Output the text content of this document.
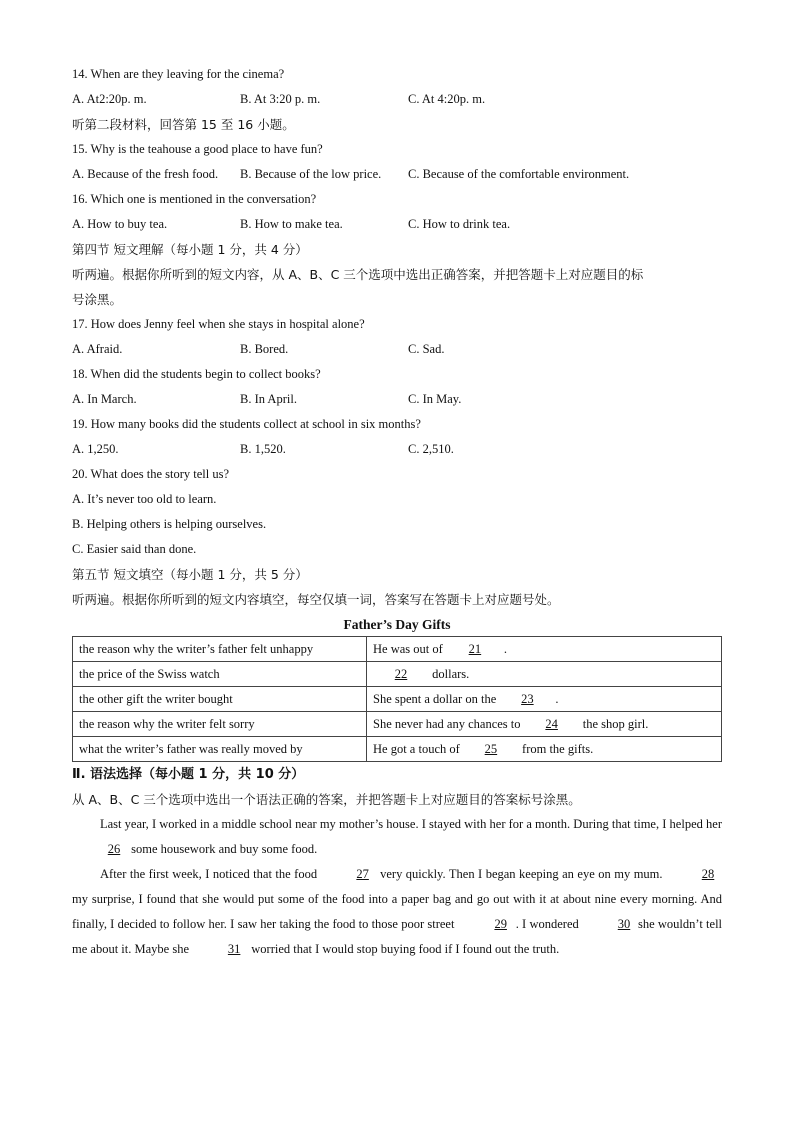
14. When are they leaving for the cinema?
A. At2:20p. m.	B. At 3:20 p. m.	C. At 4:20p. m.
听第二段材料，回答第 15 至 16 小题。
15. Why is the teahouse a good place to have fun?
A. Because of the fresh food. B. Because of the low price. C. Because of the comfortable environment.
16. Which one is mentioned in the conversation?
A. How to buy tea.	B. How to make tea.	C. How to drink tea.
第四节 短文理解（每小题 1 分，共 4 分）
听两遍。根据你所听到的短文内容，从 A、B、C 三个选项中选出正确答案，并把答题卡上对应题目的标
号涂黑。
17. How does Jenny feel when she stays in hospital alone?
A. Afraid.	B. Bored.	C. Sad.
18. When did the students begin to collect books?
A. In March.	B. In April.	C. In May.
19. How many books did the students collect at school in six months?
A. 1,250.	B. 1,520.	C. 2,510.
20. What does the story tell us?
A. It’s never too old to learn.
B. Helping others is helping ourselves.
C. Easier said than done.
第五节 短文填空（每小题 1 分，共 5 分）
听两遍。根据你所听到的短文内容填空，每空仅填一词，答案写在答题卡上对应题号处。
Father’s Day Gifts
the reason why the writer’s father felt unhappy	He was out of 21 .
the price of the Swiss watch	22 dollars.
the other gift the writer bought	She spent a dollar on the 23 .
the reason why the writer felt sorry	She never had any chances to 24 the shop girl.
what the writer’s father was really moved by	He got a touch of 25 from the gifts.
Ⅱ. 语法选择（每小题 1 分，共 10 分）
从 A、B、C 三个选项中选出一个语法正确的答案，并把答题卡上对应题目的答案标号涂黑。
Last year, I worked in a middle school near my mother’s house. I stayed with her for a month. During that time, I helped her 26 some housework and buy some food.
After the first week, I noticed that the food	27 very quickly. Then I began keeping an eye on my mum.	28 my surprise, I found that she would put some of the food into a paper bag and go out with it at about nine every morning. And finally, I decided to follow her. I saw her taking the food to those poor street	29 . I wondered	30 she wouldn’t tell me about it. Maybe she	31 worried that I would stop buying food if I found out the truth.
